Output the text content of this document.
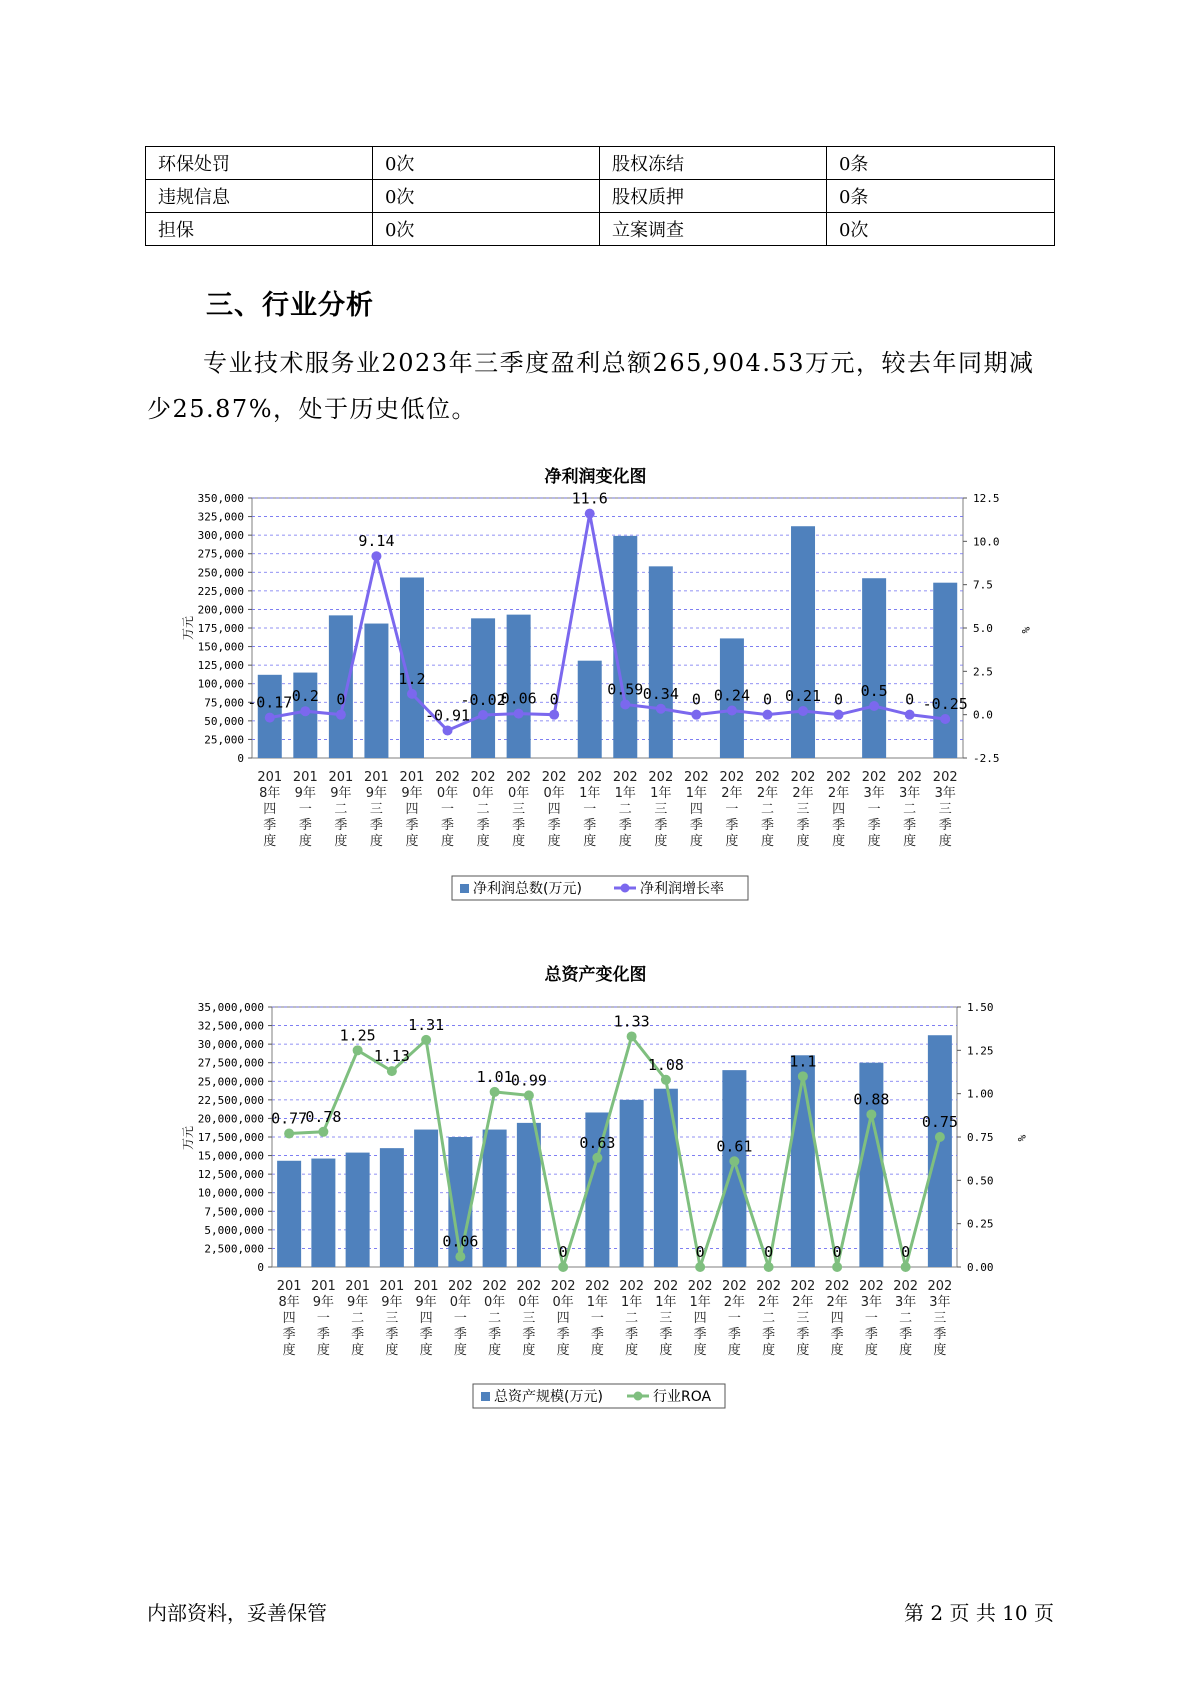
环保处罚	0次	股权冻结	0条
违规信息	0次	股权质押	0条
担保	0次	立案调查	0次
三、行业分析
专业技术服务业2023年三季度盈利总额265,904.53万元，较去年同期减少25.87%，处于历史低位。
净利润变化图
0
25,000
50,000
75,000
100,000
125,000
150,000
175,000
200,000
225,000
250,000
275,000
300,000
325,000
350,000
-2.5
0.0
2.5
5.0
7.5
10.0
12.5
万元	%
-0.17 0.2 0
9.14
1.2
-0.91
-0.02
0.06 0
11.6
0.59 0.34 0 0.24 0 0.21 0 0.5 0 -0.25
201
8年
四
季
度
201
9年
一
季
度
201
9年
二
季
度
201
9年
三
季
度
201
9年
四
季
度
202
0年
一
季
度
202
0年
二
季
度
202
0年
三
季
度
202
0年
四
季
度
202
1年
一
季
度
202
1年
二
季
度
202
1年
三
季
度
202
1年
四
季
度
202
2年
一
季
度
202
2年
二
季
度
202
2年
三
季
度
202
2年
四
季
度
202
3年
一
季
度
202
3年
二
季
度
202
3年
三
季
度
净利润总数(万元)	净利润增长率
总资产变化图
0
2,500,000
5,000,000
7,500,000
10,000,000
12,500,000
15,000,000
17,500,000
20,000,000
22,500,000
25,000,000
27,500,000
30,000,000
32,500,000
35,000,000
0.00
0.25
0.50
0.75
1.00
1.25
1.50
万元	%
0.77
0.78
1.25
1.13
1.31
0.06
1.01
0.99
0
0.63
1.33
1.08
0
0.61
0
1.1
0
0.88
0
0.75
201
8年
四
季
度
201
9年
一
季
度
201
9年
二
季
度
201
9年
三
季
度
201
9年
四
季
度
202
0年
一
季
度
202
0年
二
季
度
202
0年
三
季
度
202
0年
四
季
度
202
1年
一
季
度
202
1年
二
季
度
202
1年
三
季
度
202
1年
四
季
度
202
2年
一
季
度
202
2年
二
季
度
202
2年
三
季
度
202
2年
四
季
度
202
3年
一
季
度
202
3年
二
季
度
202
3年
三
季
度
总资产规模(万元)	行业ROA
内部资料，妥善保管	第 2 页 共 10 页
